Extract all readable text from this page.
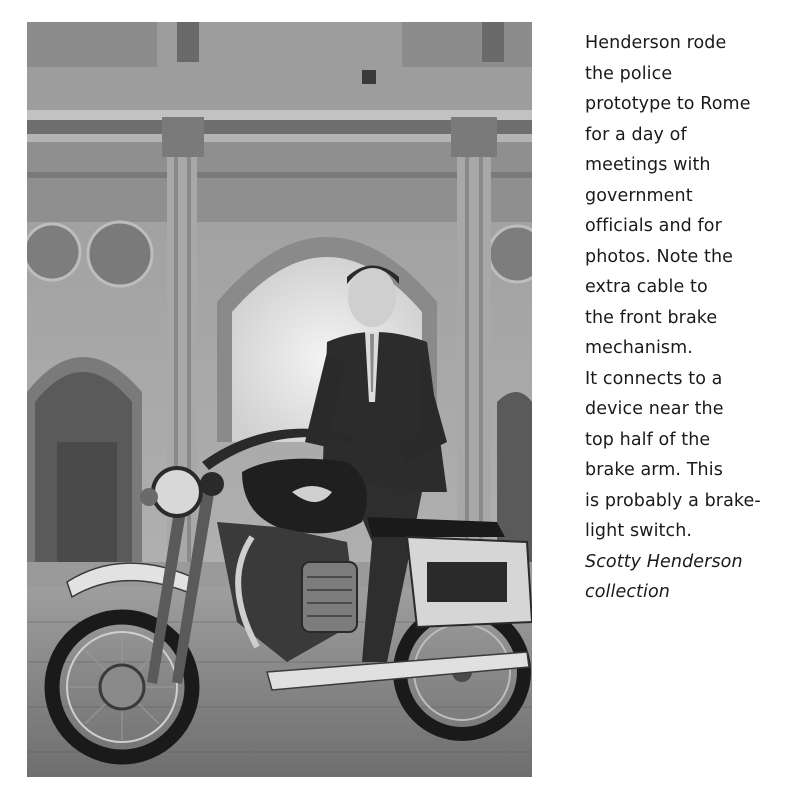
Henderson rode
the police
prototype to Rome
for a day of
meetings with
government
officials and for
photos. Note the
extra cable to
the front brake
mechanism.
It connects to a
device near the
top half of the
brake arm. This
is probably a brake-
light switch.
Scotty Henderson
collection
